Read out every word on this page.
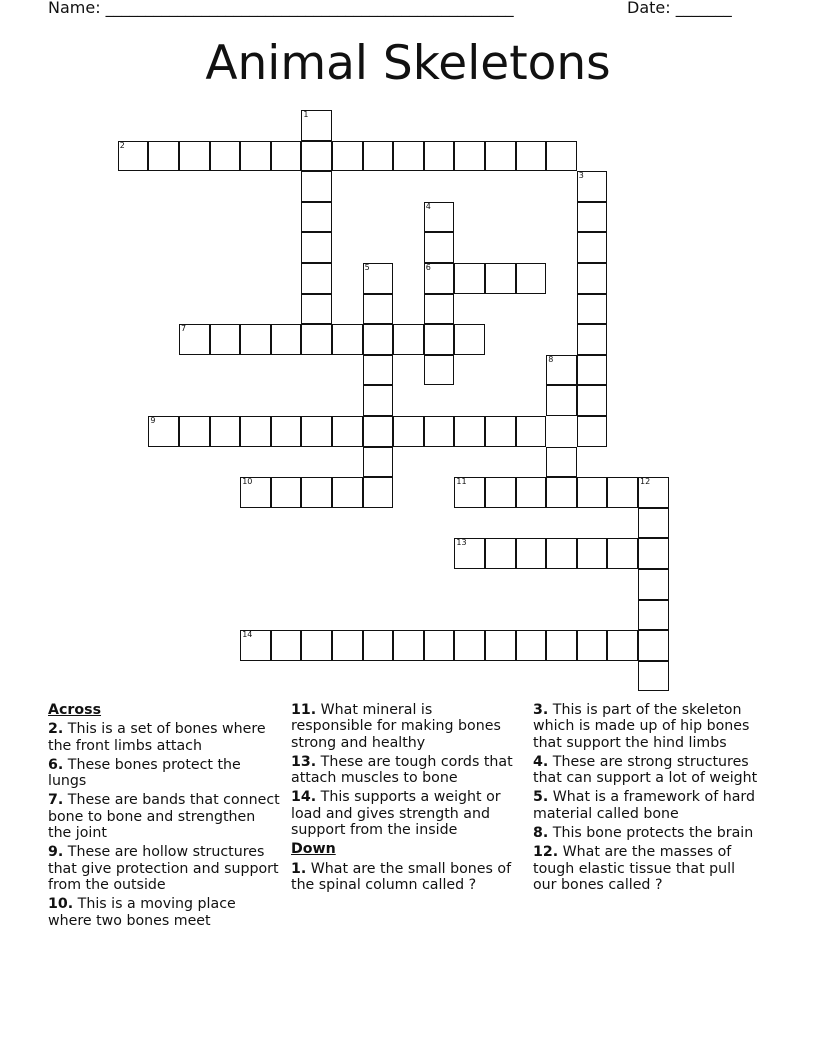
Name: ___________________________________________________	Date: _______
Animal Skeletons
2
1
3
4
6
5
7
8
9
10	11	12
13
14
Across
2. This is a set of bones where the front limbs attach
6. These bones protect the lungs
7. These are bands that connect bone to bone and strengthen the joint
9. These are hollow structures that give protection and support from the outside
10. This is a moving place where two bones meet
11. What mineral is responsible for making bones strong and healthy
13. These are tough cords that attach muscles to bone
14. This supports a weight or load and gives strength and support from the inside
Down
1. What are the small bones of the spinal column called ?
3. This is part of the skeleton which is made up of hip bones that support the hind limbs
4. These are strong structures that can support a lot of weight
5. What is a framework of hard material called bone
8. This bone protects the brain
12. What are the masses of tough elastic tissue that pull our bones called ?
